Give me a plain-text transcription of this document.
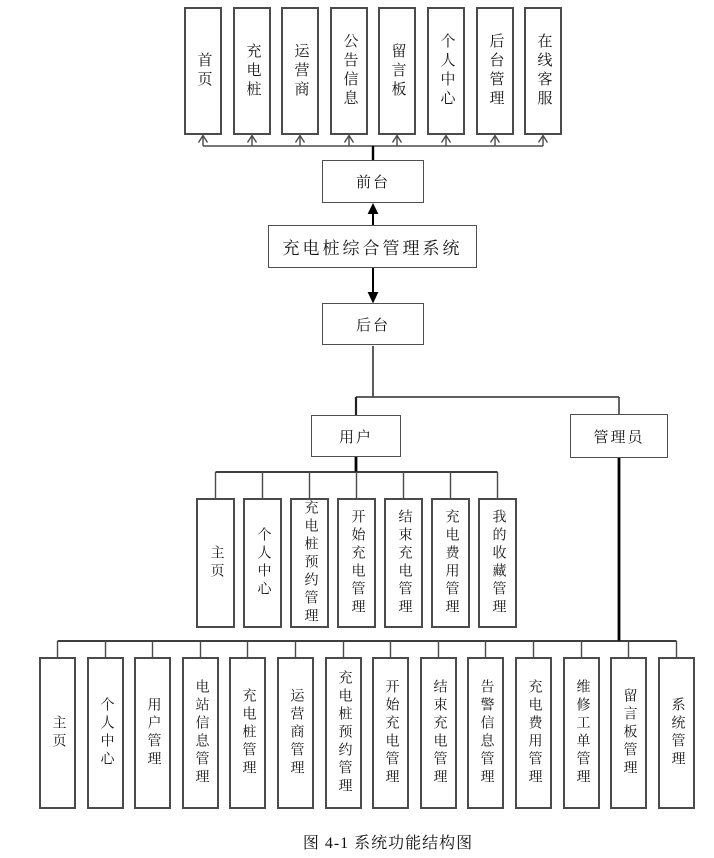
首页 充电桩 运营商 公告信息 留言板 个人中心 后台管理 在线客服
前台
充电桩综合管理系统
后台
用户	管理员
主页 个人中心 充电桩预约管理 开始充电管理 结束充电管理 充电费用管理 我的收藏管理
主页 个人中心 用户管理 电站信息管理 充电桩管理 运营商管理 充电桩预约管理 开始充电管理 结束充电管理 告警信息管理 充电费用管理 维修工单管理 留言板管理 系统管理
图 4-1 系统功能结构图
